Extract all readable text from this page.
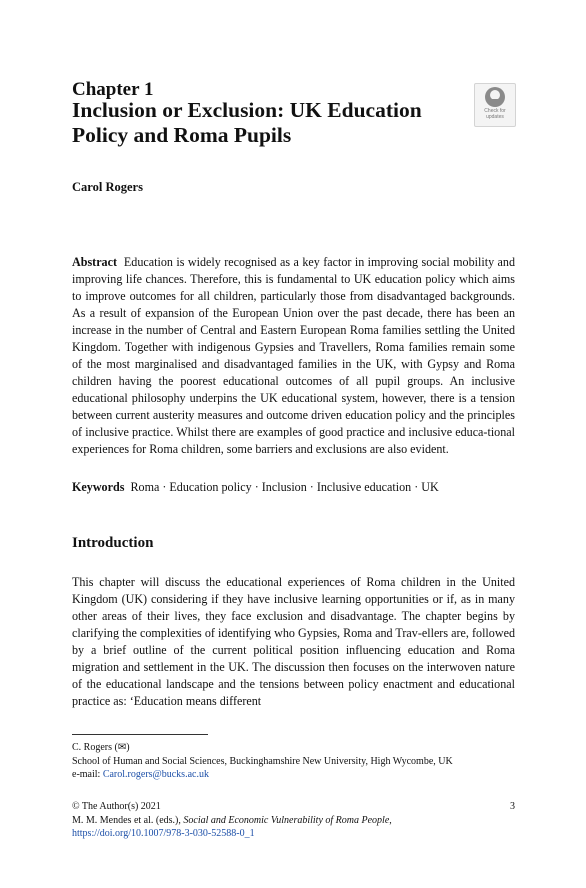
Chapter 1
Inclusion or Exclusion: UK Education Policy and Roma Pupils
Check for
updates
Carol Rogers

Abstract Education is widely recognised as a key factor in improving social mobility and improving life chances. Therefore, this is fundamental to UK education policy which aims to improve outcomes for all children, particularly those from disadvantaged backgrounds. As a result of expansion of the European Union over the past decade, there has been an increase in the number of Central and Eastern European Roma families settling the United Kingdom. Together with indigenous Gypsies and Travellers, Roma families remain some of the most marginalised and disadvantaged families in the UK, with Gypsy and Roma children having the poorest educational outcomes of all pupil groups. An inclusive educational philosophy underpins the UK educational system, however, there is a tension between current austerity measures and outcome driven education policy and the principles of inclusive practice. Whilst there are examples of good practice and inclusive educa-tional experiences for Roma children, some barriers and exclusions are also evident.

Keywords Roma · Education policy · Inclusion · Inclusive education · UK
Introduction

This chapter will discuss the educational experiences of Roma children in the United Kingdom (UK) considering if they have inclusive learning opportunities or if, as in many other areas of their lives, they face exclusion and disadvantage. The chapter begins by clarifying the complexities of identifying who Gypsies, Roma and Trav-ellers are, followed by a brief outline of the current political position influencing education and Roma migration and settlement in the UK. The discussion then focuses on the interwoven nature of the educational landscape and the tensions between policy enactment and educational practice as: ‘Education means different

C. Rogers (✉)
School of Human and Social Sciences, Buckinghamshire New University, High Wycombe, UK
e-mail: Carol.rogers@bucks.ac.uk
3
© The Author(s) 2021
M. M. Mendes et al. (eds.), Social and Economic Vulnerability of Roma People,
https://doi.org/10.1007/978-3-030-52588-0_1
